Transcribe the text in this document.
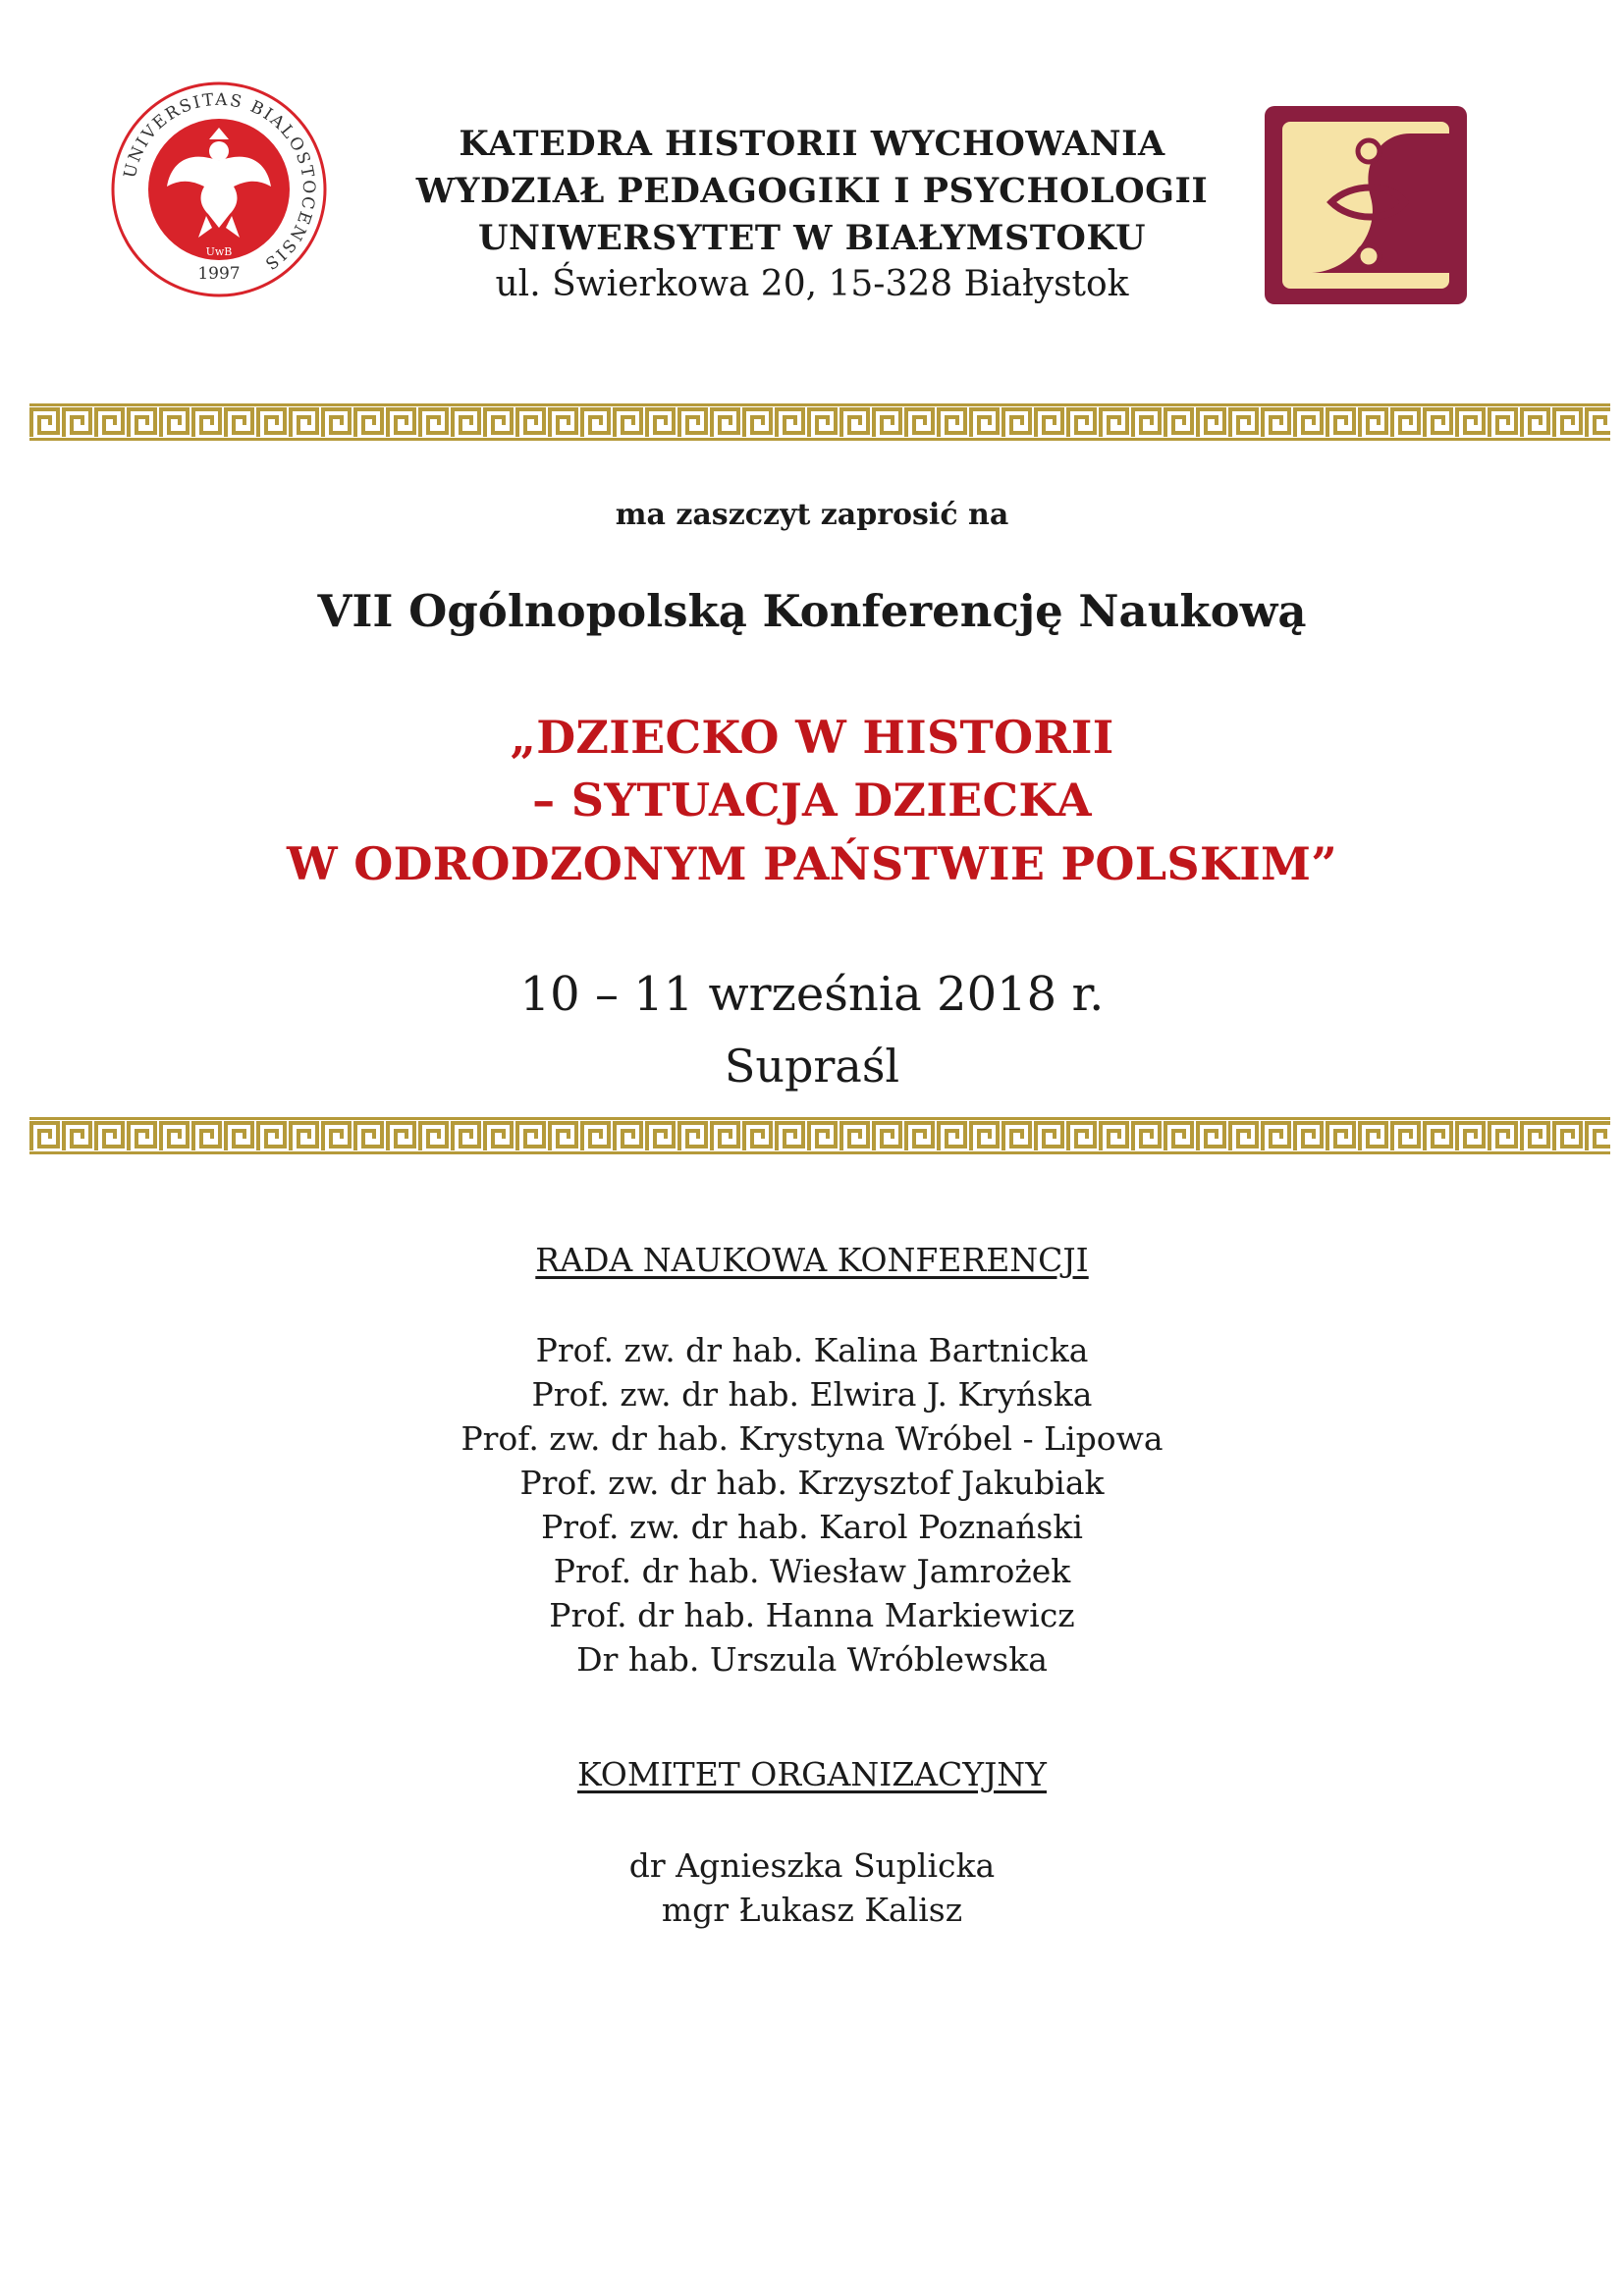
UNIVERSITAS BIALOSTOCENSIS
1997
UwB
KATEDRA HISTORII WYCHOWANIA
WYDZIAŁ PEDAGOGIKI I PSYCHOLOGII
UNIWERSYTET W BIAŁYMSTOKU
ul. Świerkowa 20, 15-328 Białystok
ma zaszczyt zaprosić na
VII Ogólnopolską Konferencję Naukową
„DZIECKO W HISTORII
– SYTUACJA DZIECKA
W ODRODZONYM PAŃSTWIE POLSKIM”
10 – 11 września 2018 r.
Supraśl
RADA NAUKOWA KONFERENCJI
Prof. zw. dr hab. Kalina Bartnicka
Prof. zw. dr hab. Elwira J. Kryńska
Prof. zw. dr hab. Krystyna Wróbel - Lipowa
Prof. zw. dr hab. Krzysztof Jakubiak
Prof. zw. dr hab. Karol Poznański
Prof. dr hab. Wiesław Jamrożek
Prof. dr hab. Hanna Markiewicz
Dr hab. Urszula Wróblewska
KOMITET ORGANIZACYJNY
dr Agnieszka Suplicka
mgr Łukasz Kalisz
